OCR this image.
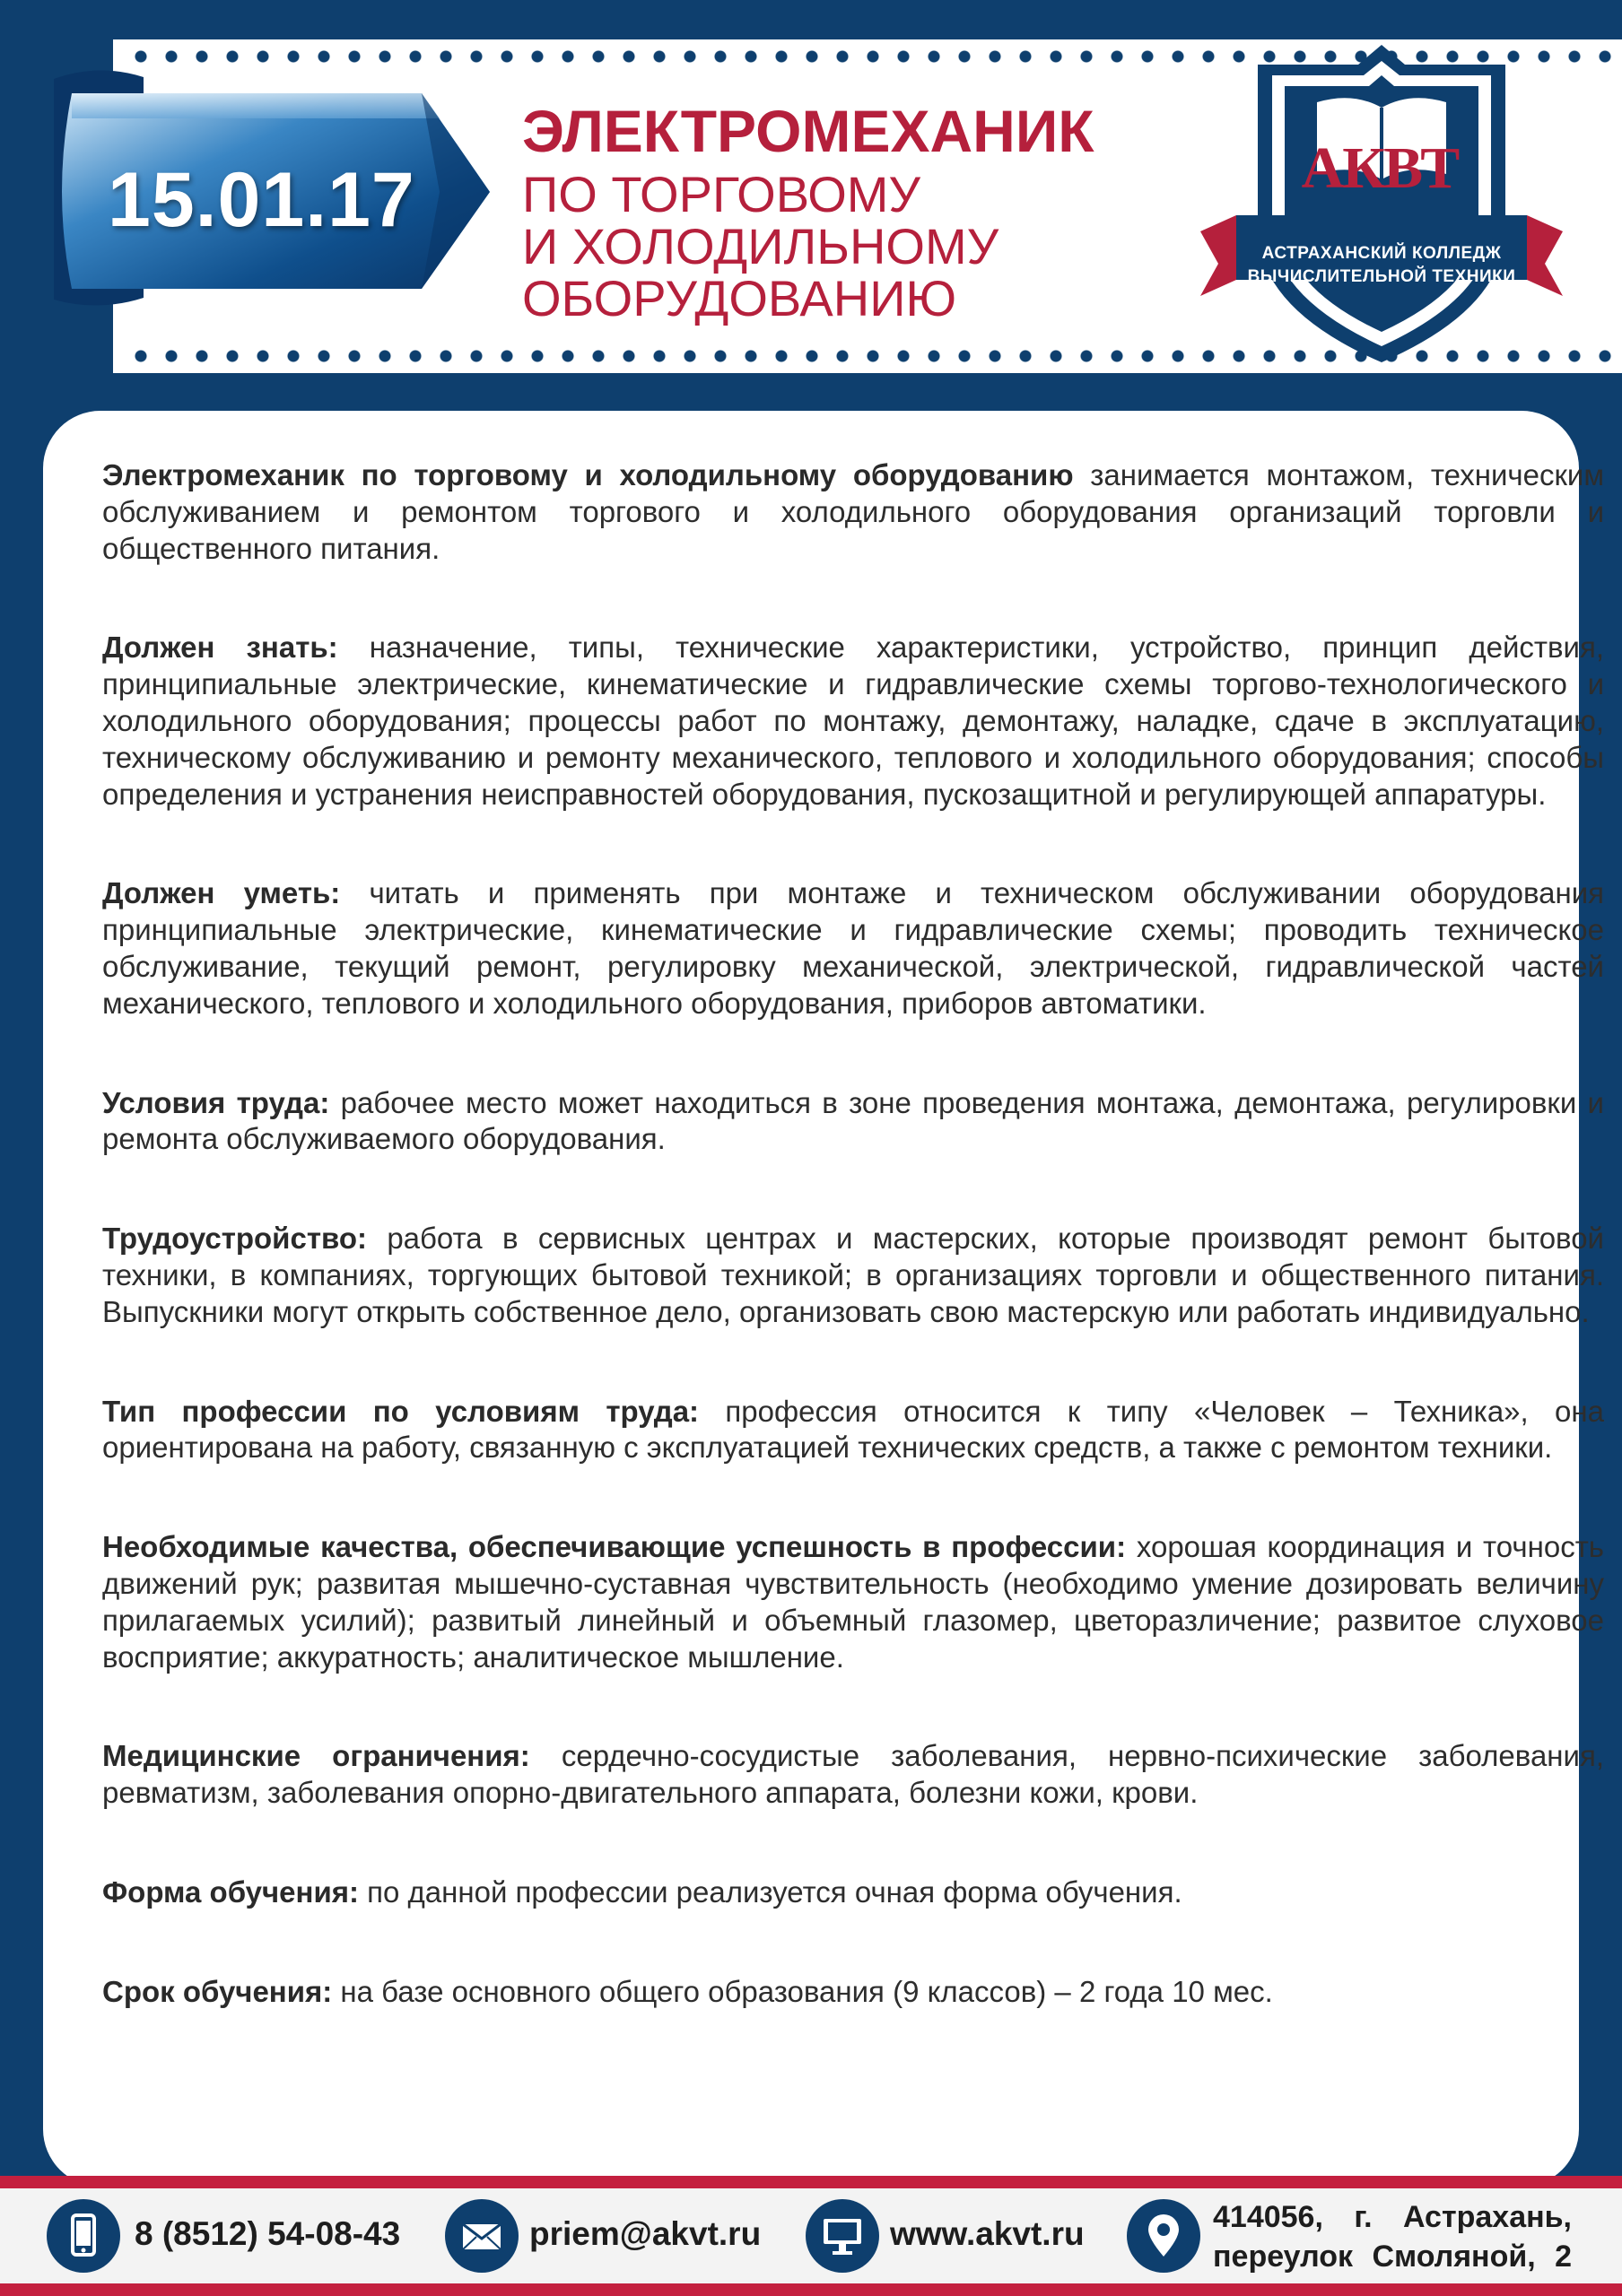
15.01.17
ЭЛЕКТРОМЕХАНИК
ПО ТОРГОВОМУ
И ХОЛОДИЛЬНОМУ
ОБОРУДОВАНИЮ
АКВТ
АСТРАХАНСКИЙ КОЛЛЕДЖ
ВЫЧИСЛИТЕЛЬНОЙ ТЕХНИКИ

Электромеханик по торговому и холодильному оборудованию занимается монтажом, техническим обслуживанием и ремонтом торгового и холодильного оборудования организаций торговли и общественного питания.

Должен знать: назначение, типы, технические характеристики, устройство, принцип действия, принципиальные электрические, кинематические и гидравлические схемы торгово-технологического и холодильного оборудования; процессы работ по монтажу, демонтажу, наладке, сдаче в эксплуатацию, техническому обслуживанию и ремонту механического, теплового и холодильного оборудования; способы определения и устранения неисправностей оборудования, пускозащитной и регулирующей аппаратуры.

Должен уметь: читать и применять при монтаже и техническом обслуживании оборудования принципиальные электрические, кинематические и гидравлические схемы; проводить техническое обслуживание, текущий ремонт, регулировку механической, электрической, гидравлической частей механического, теплового и холодильного оборудования, приборов автоматики.

Условия труда: рабочее место может находиться в зоне проведения монтажа, демонтажа, регулировки и ремонта обслуживаемого оборудования.

Трудоустройство: работа в сервисных центрах и мастерских, которые производят ремонт бытовой техники, в компаниях, торгующих бытовой техникой; в организациях торговли и общественного питания. Выпускники могут открыть собственное дело, организовать свою мастерскую или работать индивидуально.

Тип профессии по условиям труда: профессия относится к типу «Человек – Техника», она ориентирована на работу, связанную с эксплуатацией технических средств, а также с ремонтом техники.

Необходимые качества, обеспечивающие успешность в профессии: хорошая координация и точность движений рук; развитая мышечно-суставная чувствительность (необходимо умение дозировать величину прилагаемых усилий); развитый линейный и объемный глазомер, цветоразличение; развитое слуховое восприятие; аккуратность; аналитическое мышление.

Медицинские ограничения: сердечно-сосудистые заболевания, нервно-психические заболевания, ревматизм, заболевания опорно-двигательного аппарата, болезни кожи, крови.

Форма обучения: по данной профессии реализуется очная форма обучения.

Срок обучения: на базе основного общего образования (9 классов) – 2 года 10 мес.

8 (8512) 54-08-43	priem@akvt.ru	www.akvt.ru	414056, г. Астрахань,
переулок Смоляной, 2
